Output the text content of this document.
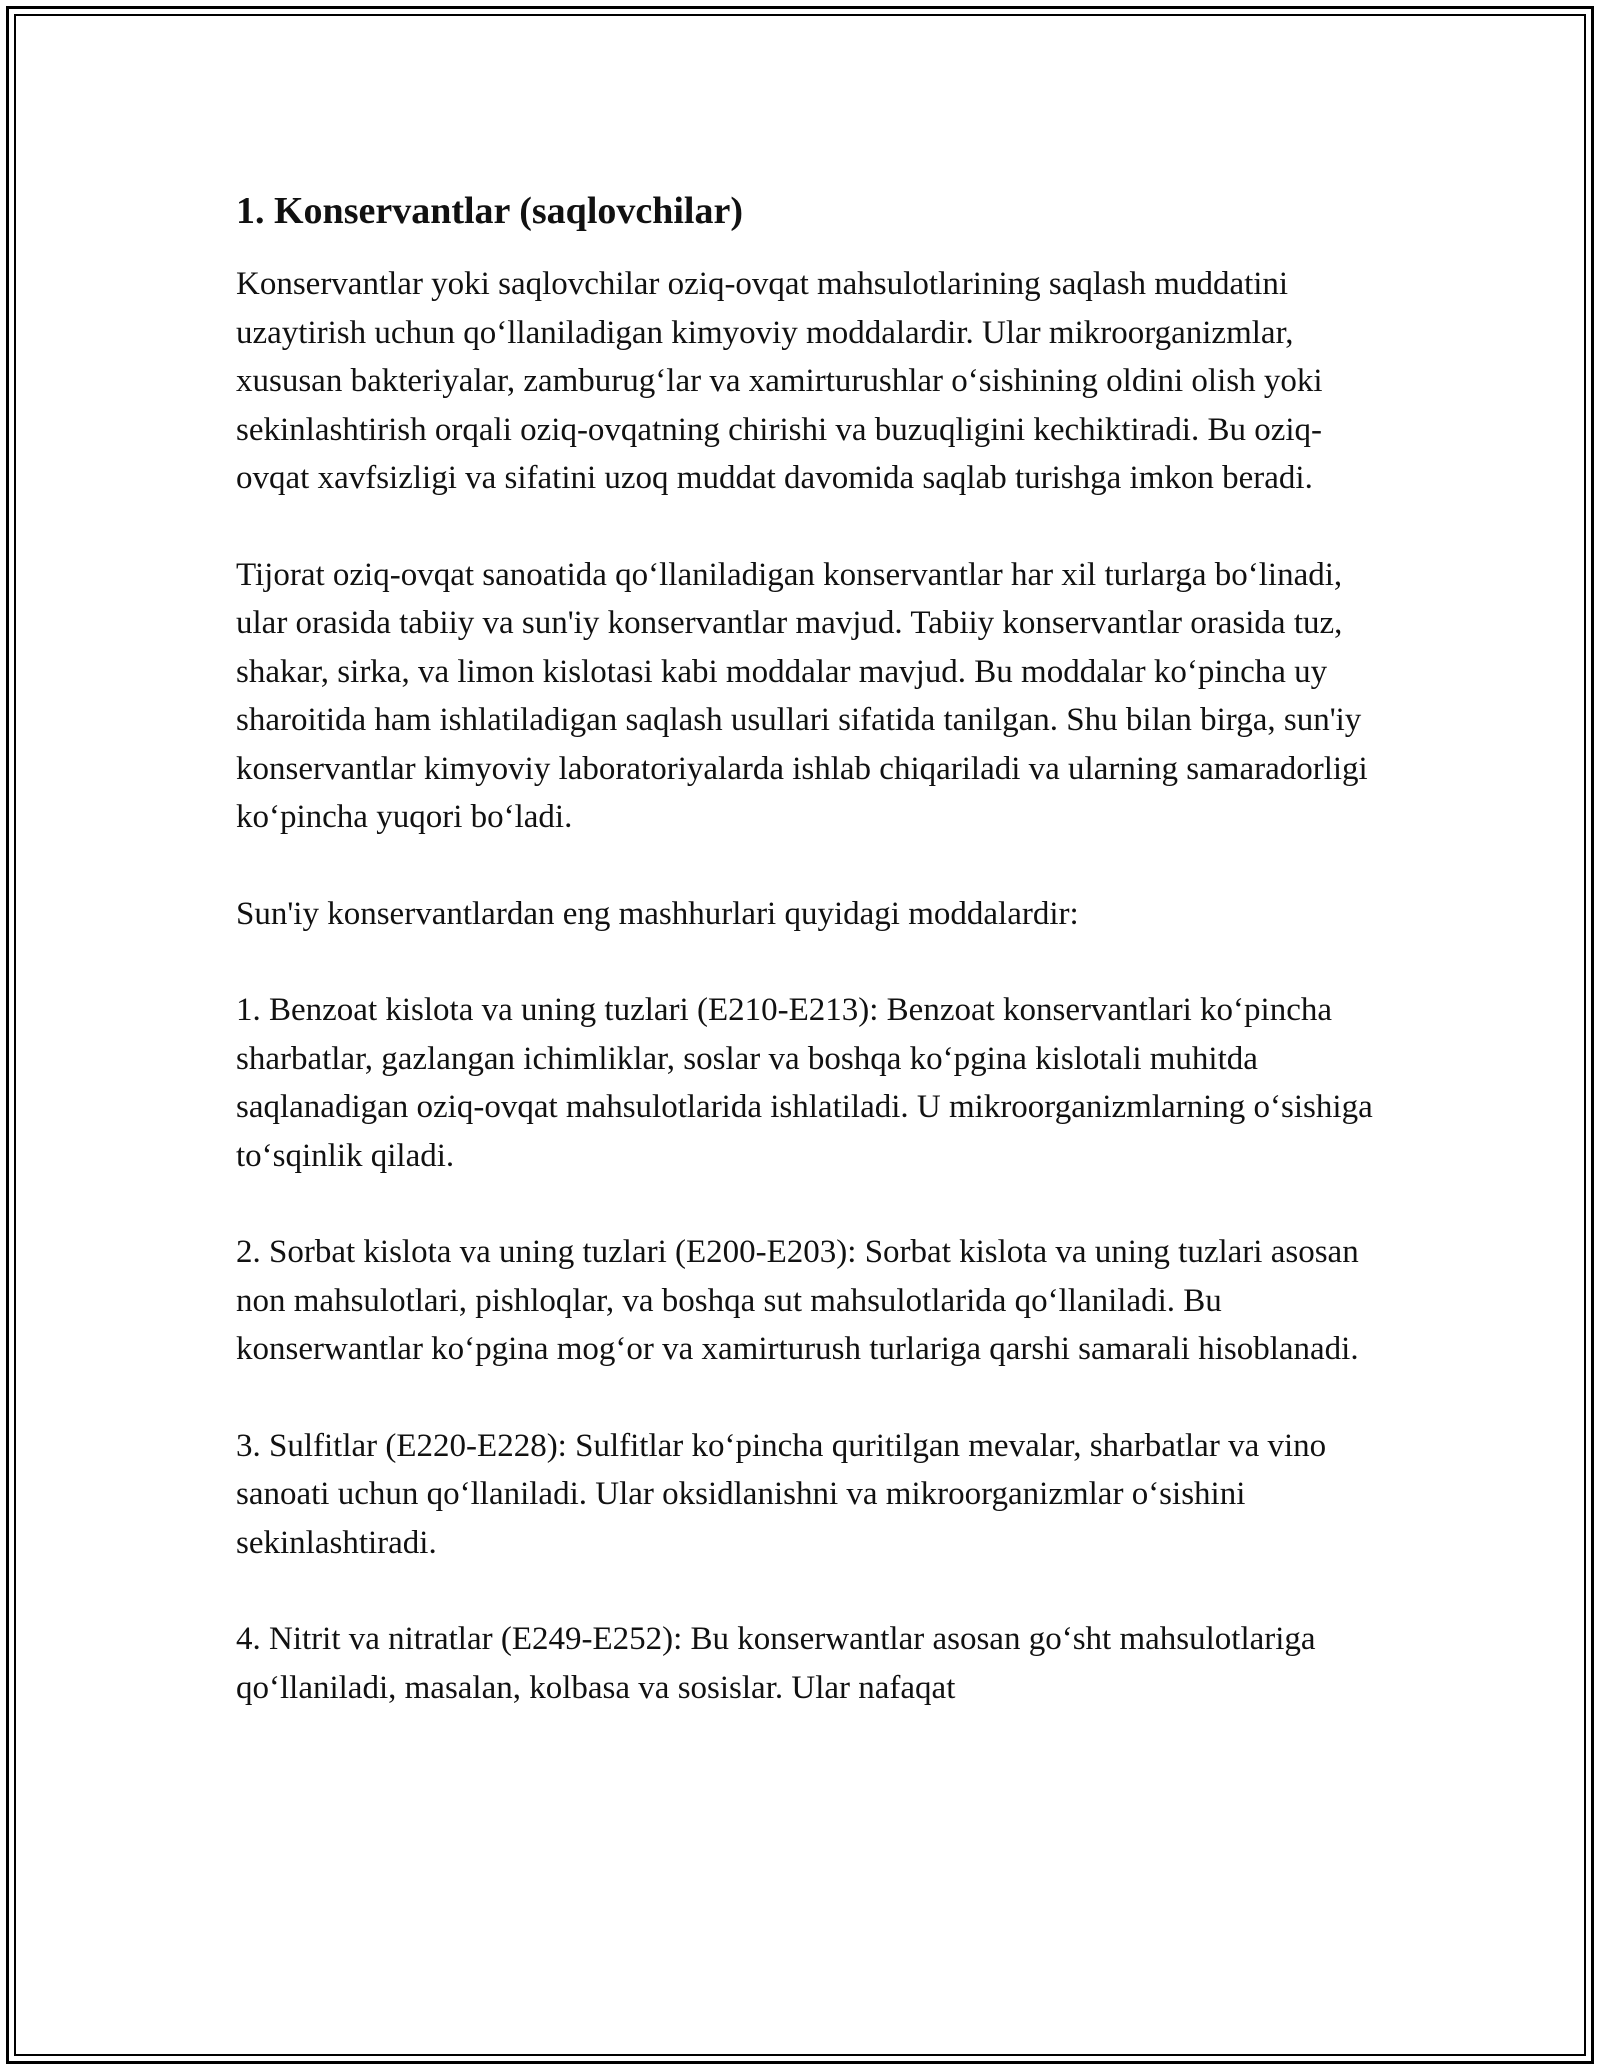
1. Konservantlar (saqlovchilar)

Konservantlar yoki saqlovchilar oziq-ovqat mahsulotlarining saqlash muddatini uzaytirish uchun qoʻllaniladigan kimyoviy moddalardir. Ular mikroorganizmlar, xususan bakteriyalar, zamburugʻlar va xamirturushlar oʻsishining oldini olish yoki sekinlashtirish orqali oziq-ovqatning chirishi va buzuqligini kechiktiradi. Bu oziq-ovqat xavfsizligi va sifatini uzoq muddat davomida saqlab turishga imkon beradi.

Tijorat oziq-ovqat sanoatida qoʻllaniladigan konservantlar har xil turlarga boʻlinadi, ular orasida tabiiy va sun'iy konservantlar mavjud. Tabiiy konservantlar orasida tuz, shakar, sirka, va limon kislotasi kabi moddalar mavjud. Bu moddalar koʻpincha uy sharoitida ham ishlatiladigan saqlash usullari sifatida tanilgan. Shu bilan birga, sun'iy konservantlar kimyoviy laboratoriyalarda ishlab chiqariladi va ularning samaradorligi koʻpincha yuqori boʻladi.

Sun'iy konservantlardan eng mashhurlari quyidagi moddalardir:

1. Benzoat kislota va uning tuzlari (E210-E213): Benzoat konservantlari koʻpincha sharbatlar, gazlangan ichimliklar, soslar va boshqa koʻpgina kislotali muhitda saqlanadigan oziq-ovqat mahsulotlarida ishlatiladi. U mikroorganizmlarning oʻsishiga toʻsqinlik qiladi.

2. Sorbat kislota va uning tuzlari (E200-E203): Sorbat kislota va uning tuzlari asosan non mahsulotlari, pishloqlar, va boshqa sut mahsulotlarida qoʻllaniladi. Bu konserwantlar koʻpgina mogʻor va xamirturush turlariga qarshi samarali hisoblanadi.

3. Sulfitlar (E220-E228): Sulfitlar koʻpincha quritilgan mevalar, sharbatlar va vino sanoati uchun qoʻllaniladi. Ular oksidlanishni va mikroorganizmlar oʻsishini sekinlashtiradi.

4. Nitrit va nitratlar (E249-E252): Bu konserwantlar asosan goʻsht mahsulotlariga qoʻllaniladi, masalan, kolbasa va sosislar. Ular nafaqat
